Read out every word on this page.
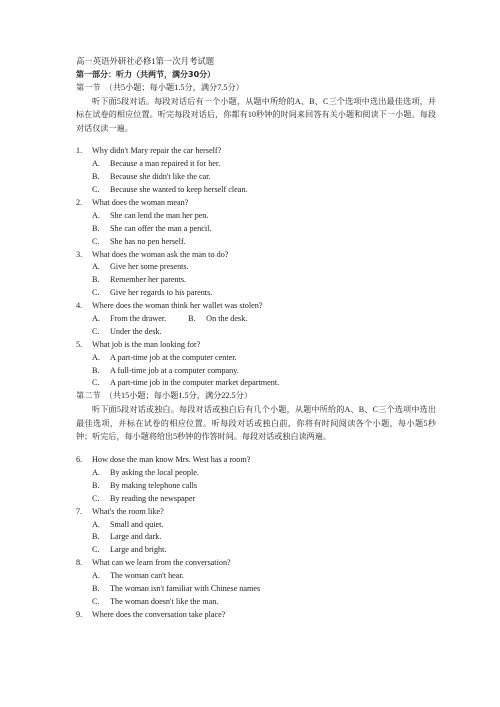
高一英语外研社必修1第一次月考试题
第一部分：听力（共两节，满分30分）
第一节　（共5小题；每小题1.5分，满分7.5分）
听下面5段对话。每段对话后有一个小题，从题中所给的A、B、C三个选项中选出最佳选项，并标在试卷的相应位置。听完每段对话后，你都有10秒钟的时间来回答有关小题和阅读下一小题。每段对话仅读一遍。
1.	Why didn't Mary repair the car herself?
A.	Because a man repaired it for her.
B.	Because she didn't like the car.
C.	Because she wanted to keep herself clean.
2.	What does the woman mean?
A.	She can lend the man her pen.
B.	She can offer the man a pencil.
C.	She has no pen herself.
3.	What does the woman ask the man to do?
A.	Give her some presents.
B.	Remember her parents.
C.	Give her regards to his parents.
4.	Where does the woman think her wallet was stolen?
A. From the drawer.	B. On the desk.
C.	Under the desk.
5.	What job is the man looking for?
A.	A part-time job at the computer center.
B.	A full-time job at a computer company.
C.	A part-time job in the computer market department.
第二节　（共15小题；每小题1.5分，满分22.5分）
听下面5段对话或独白。每段对话或独白后有几个小题，从题中所给的A、B、C三个选项中选出最佳选项，并标在试卷的相应位置。听每段对话或独白前，你将有时间阅读各个小题，每小题5秒钟；听完后，每小题将给出5秒钟的作答时间。每段对话或独白读两遍。
6.	How dose the man know Mrs. West has a room?
A.	By asking the local people.
B.	By making telephone calls
C.	By reading the newspaper
7.	What's the room like?
A.	Small and quiet.
B.	Large and dark.
C.	Large and bright.
8.	What can we learn from the conversation?
A.	The woman can't hear.
B.	The woman isn't familiar with Chinese names
C.	The woman doesn't like the man.
9.	Where does the conversation take place?
